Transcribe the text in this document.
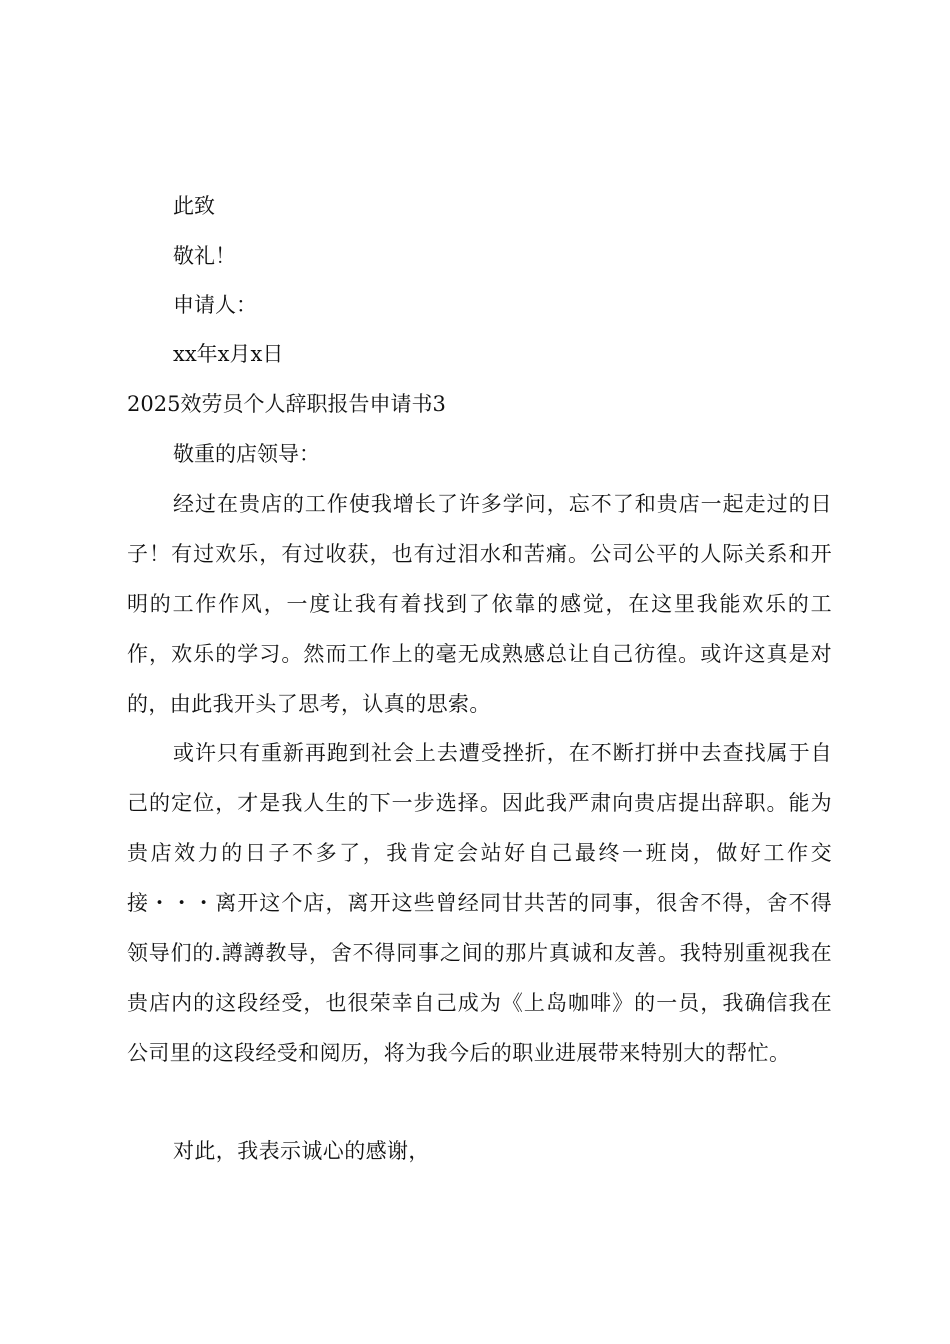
此致
敬礼！
申请人：
xx年x月x日
2025效劳员个人辞职报告申请书3
敬重的店领导：
经过在贵店的工作使我增长了许多学问，忘不了和贵店一起走过的日子！有过欢乐，有过收获，也有过泪水和苦痛。公司公平的人际关系和开明的工作作风，一度让我有着找到了依靠的感觉，在这里我能欢乐的工作，欢乐的学习。然而工作上的毫无成熟感总让自己彷徨。或许这真是对的，由此我开头了思考，认真的思索。
或许只有重新再跑到社会上去遭受挫折，在不断打拼中去查找属于自己的定位，才是我人生的下一步选择。因此我严肃向贵店提出辞职。能为贵店效力的日子不多了，我肯定会站好自己最终一班岗，做好工作交接・・・离开这个店，离开这些曾经同甘共苦的同事，很舍不得，舍不得领导们的.譐譐教导，舍不得同事之间的那片真诚和友善。我特别重视我在贵店内的这段经受，也很荣幸自己成为《上岛咖啡》的一员，我确信我在公司里的这段经受和阅历，将为我今后的职业进展带来特别大的帮忙。
对此，我表示诚心的感谢，
